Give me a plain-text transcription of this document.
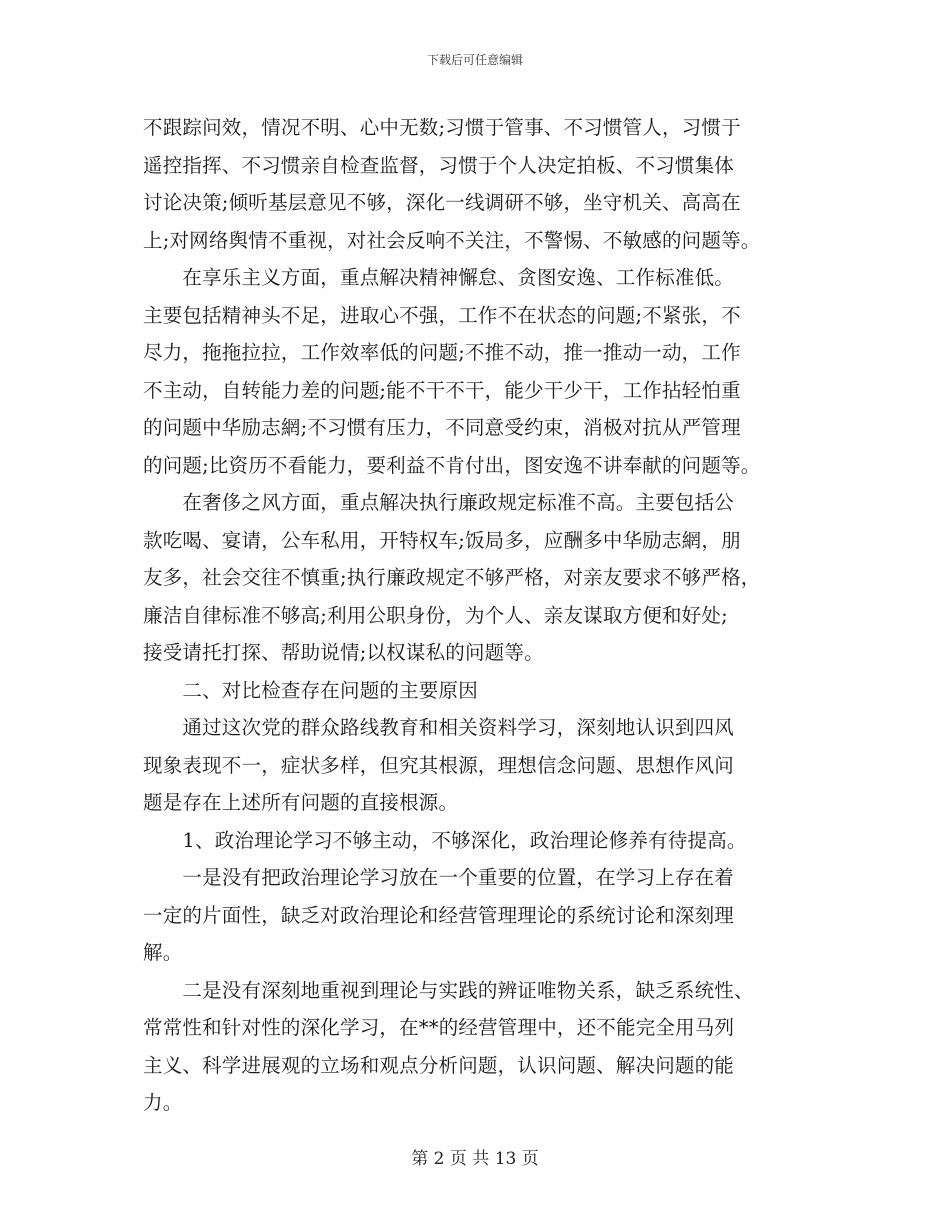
下载后可任意编辑
不跟踪问效，情况不明、心中无数;习惯于管事、不习惯管人，习惯于
遥控指挥、不习惯亲自检查监督，习惯于个人决定拍板、不习惯集体
讨论决策;倾听基层意见不够，深化一线调研不够，坐守机关、高高在
上;对网络舆情不重视，对社会反响不关注，不警惕、不敏感的问题等。
　　在享乐主义方面，重点解决精神懈怠、贪图安逸、工作标准低。
主要包括精神头不足，进取心不强，工作不在状态的问题;不紧张，不
尽力，拖拖拉拉，工作效率低的问题;不推不动，推一推动一动，工作
不主动，自转能力差的问题;能不干不干，能少干少干，工作拈轻怕重
的问题中华励志網;不习惯有压力，不同意受约束，消极对抗从严管理
的问题;比资历不看能力，要利益不肯付出，图安逸不讲奉献的问题等。
　　在奢侈之风方面，重点解决执行廉政规定标准不高。主要包括公
款吃喝、宴请，公车私用，开特权车;饭局多，应酬多中华励志網，朋
友多，社会交往不慎重;执行廉政规定不够严格，对亲友要求不够严格，
廉洁自律标准不够高;利用公职身份，为个人、亲友谋取方便和好处;
接受请托打探、帮助说情;以权谋私的问题等。
　　二、对比检查存在问题的主要原因
　　通过这次党的群众路线教育和相关资料学习，深刻地认识到四风
现象表现不一，症状多样，但究其根源，理想信念问题、思想作风问
题是存在上述所有问题的直接根源。
　　1、政治理论学习不够主动，不够深化，政治理论修养有待提高。
　　一是没有把政治理论学习放在一个重要的位置，在学习上存在着
一定的片面性，缺乏对政治理论和经营管理理论的系统讨论和深刻理
解。
　　二是没有深刻地重视到理论与实践的辨证唯物关系，缺乏系统性、
常常性和针对性的深化学习，在**的经营管理中，还不能完全用马列
主义、科学进展观的立场和观点分析问题，认识问题、解决问题的能
力。
第 2 页 共 13 页
